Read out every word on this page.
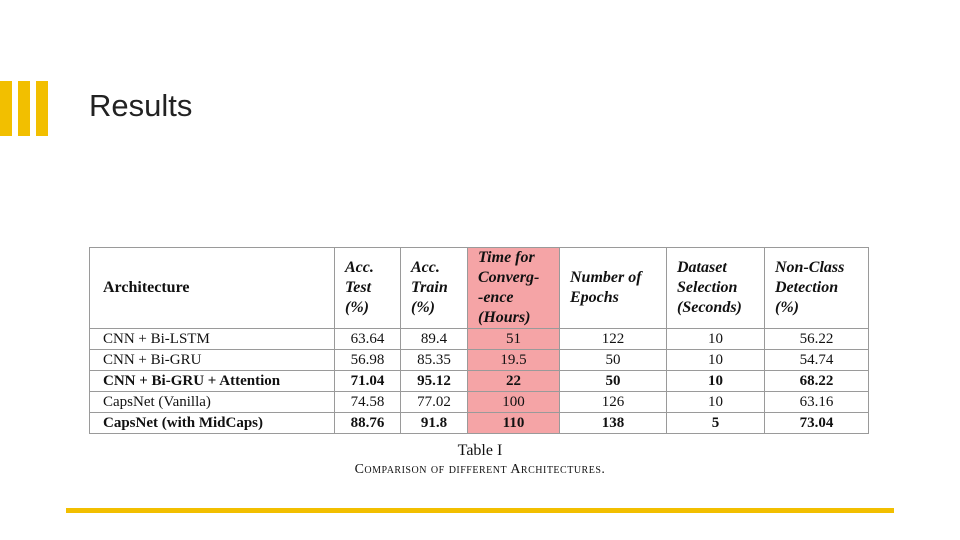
Results
Architecture	Acc.
Test
(%)	Acc.
Train
(%)	Time for
Converg-
-ence
(Hours)	Number of
Epochs	Dataset
Selection
(Seconds)	Non-Class
Detection
(%)

CNN + Bi-LSTM	63.64	89.4	51	122	10	56.22
CNN + Bi-GRU	56.98	85.35	19.5	50	10	54.74
CNN + Bi-GRU + Attention	71.04	95.12	22	50	10	68.22
CapsNet (Vanilla)	74.58	77.02	100	126	10	63.16
CapsNet (with MidCaps)	88.76	91.8	110	138	5	73.04
Table I
Comparison of different Architectures.
